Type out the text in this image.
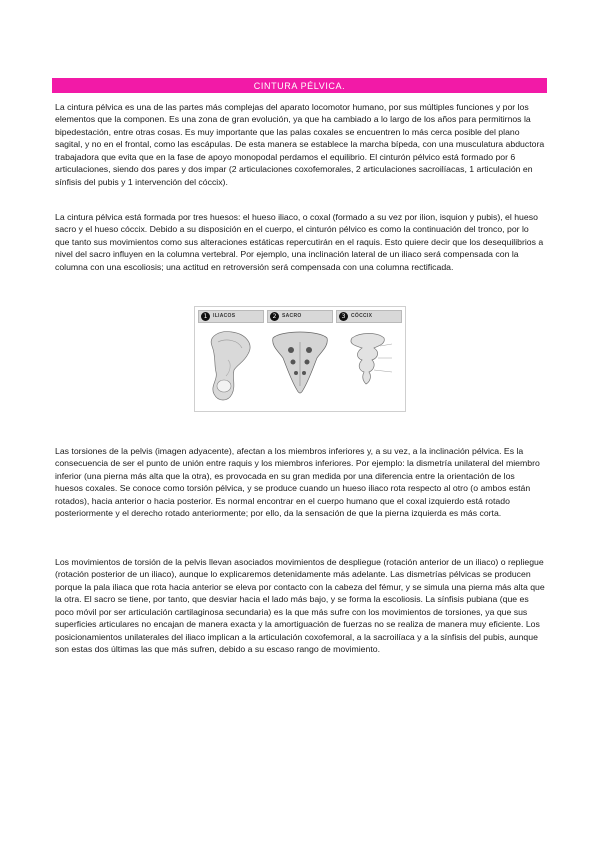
CINTURA PÉLVICA.

La cintura pélvica es una de las partes más complejas del aparato locomotor humano, por sus múltiples funciones y por los elementos que la componen. Es una zona de gran evolución, ya que ha cambiado a lo largo de los años para permitirnos la bipedestación, entre otras cosas. Es muy importante que las palas coxales se encuentren lo más cerca posible del plano sagital, y no en el frontal, como las escápulas. De esta manera se establece la marcha bípeda, con una musculatura abductora trabajadora que evita que en la fase de apoyo monopodal perdamos el equilibrio. El cinturón pélvico está formado por 6 articulaciones, siendo dos pares y dos impar (2 articulaciones coxofemorales, 2 articulaciones sacroilíacas, 1 articulación en sínfisis del pubis y 1 intervención del cóccix).

La cintura pélvica está formada por tres huesos: el hueso iliaco, o coxal (formado a su vez por ilion, isquion y pubis), el hueso sacro y el hueso cóccix. Debido a su disposición en el cuerpo, el cinturón pélvico es como la continuación del tronco, por lo que tanto sus movimientos como sus alteraciones estáticas repercutirán en el raquis. Esto quiere decir que los desequilibrios a nivel del sacro influyen en la columna vertebral. Por ejemplo, una inclinación lateral de un iliaco será compensada con la columna con una escoliosis; una actitud en retroversión será compensada con una columna rectificada.

1	ILIACOS	2	SACRO	3	CÓCCIX

Las torsiones de la pelvis (imagen adyacente), afectan a los miembros inferiores y, a su vez, a la inclinación pélvica. Es la consecuencia de ser el punto de unión entre raquis y los miembros inferiores. Por ejemplo: la dismetría unilateral del miembro inferior (una pierna más alta que la otra), es provocada en su gran medida por una diferencia entre la orientación de los huesos coxales. Se conoce como torsión pélvica, y se produce cuando un hueso iliaco rota respecto al otro (o ambos están rotados), hacia anterior o hacia posterior. Es normal encontrar en el cuerpo humano que el coxal izquierdo está rotado posteriormente y el derecho rotado anteriormente; por ello, da la sensación de que la pierna izquierda es más corta.

Los movimientos de torsión de la pelvis llevan asociados movimientos de despliegue (rotación anterior de un iliaco) o repliegue (rotación posterior de un iliaco), aunque lo explicaremos detenidamente más adelante. Las dismetrías pélvicas se producen porque la pala iliaca que rota hacia anterior se eleva por contacto con la cabeza del fémur, y se simula una pierna más alta que la otra. El sacro se tiene, por tanto, que desviar hacia el lado más bajo, y se forma la escoliosis. La sínfisis pubiana (que es poco móvil por ser articulación cartilaginosa secundaria) es la que más sufre con los movimientos de torsiones, ya que sus superficies articulares no encajan de manera exacta y la amortiguación de fuerzas no se realiza de manera muy eficiente. Los posicionamientos unilaterales del iliaco implican a la articulación coxofemoral, a la sacroilíaca y a la sínfisis del pubis, aunque son estas dos últimas las que más sufren, debido a su escaso rango de movimiento.
